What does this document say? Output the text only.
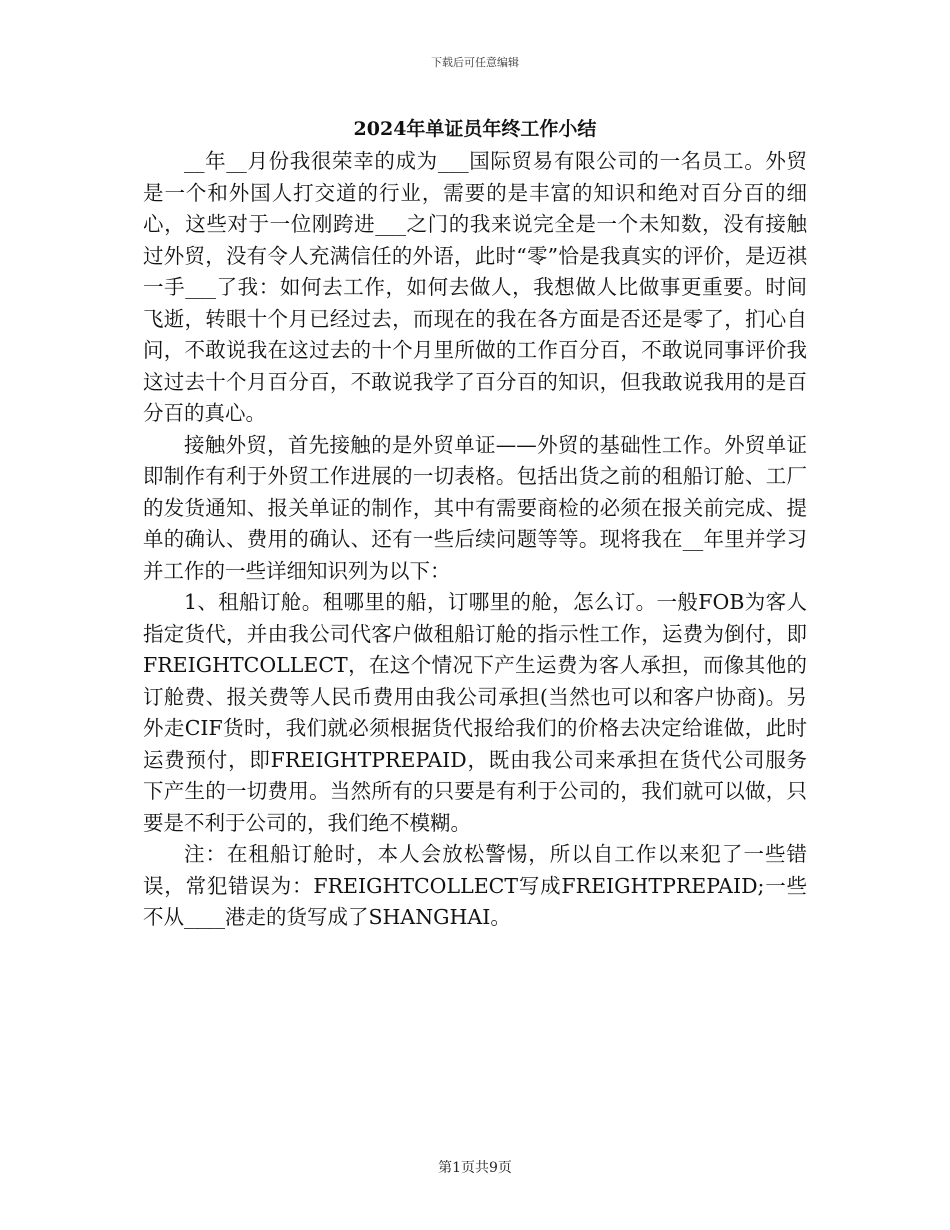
下载后可任意编辑
2024年单证员年终工作小结

__年__月份我很荣幸的成为___国际贸易有限公司的一名员工。外贸是一个和外国人打交道的行业，需要的是丰富的知识和绝对百分百的细心，这些对于一位刚跨进___之门的我来说完全是一个未知数，没有接触过外贸，没有令人充满信任的外语，此时“零”恰是我真实的评价，是迈祺一手___了我：如何去工作，如何去做人，我想做人比做事更重要。时间飞逝，转眼十个月已经过去，而现在的我在各方面是否还是零了，扪心自问，不敢说我在这过去的十个月里所做的工作百分百，不敢说同事评价我这过去十个月百分百，不敢说我学了百分百的知识，但我敢说我用的是百分百的真心。

接触外贸，首先接触的是外贸单证——外贸的基础性工作。外贸单证即制作有利于外贸工作进展的一切表格。包括出货之前的租船订舱、工厂的发货通知、报关单证的制作，其中有需要商检的必须在报关前完成、提单的确认、费用的确认、还有一些后续问题等等。现将我在__年里并学习并工作的一些详细知识列为以下：

1、租船订舱。租哪里的船，订哪里的舱，怎么订。一般FOB为客人指定货代，并由我公司代客户做租船订舱的指示性工作，运费为倒付，即FREIGHTCOLLECT，在这个情况下产生运费为客人承担，而像其他的订舱费、报关费等人民币费用由我公司承担(当然也可以和客户协商)。另外走CIF货时，我们就必须根据货代报给我们的价格去决定给谁做，此时运费预付，即FREIGHTPREPAID，既由我公司来承担在货代公司服务下产生的一切费用。当然所有的只要是有利于公司的，我们就可以做，只要是不利于公司的，我们绝不模糊。

注：在租船订舱时，本人会放松警惕，所以自工作以来犯了一些错误，常犯错误为：FREIGHTCOLLECT写成FREIGHTPREPAID;一些不从____港走的货写成了SHANGHAI。

第1页共9页
